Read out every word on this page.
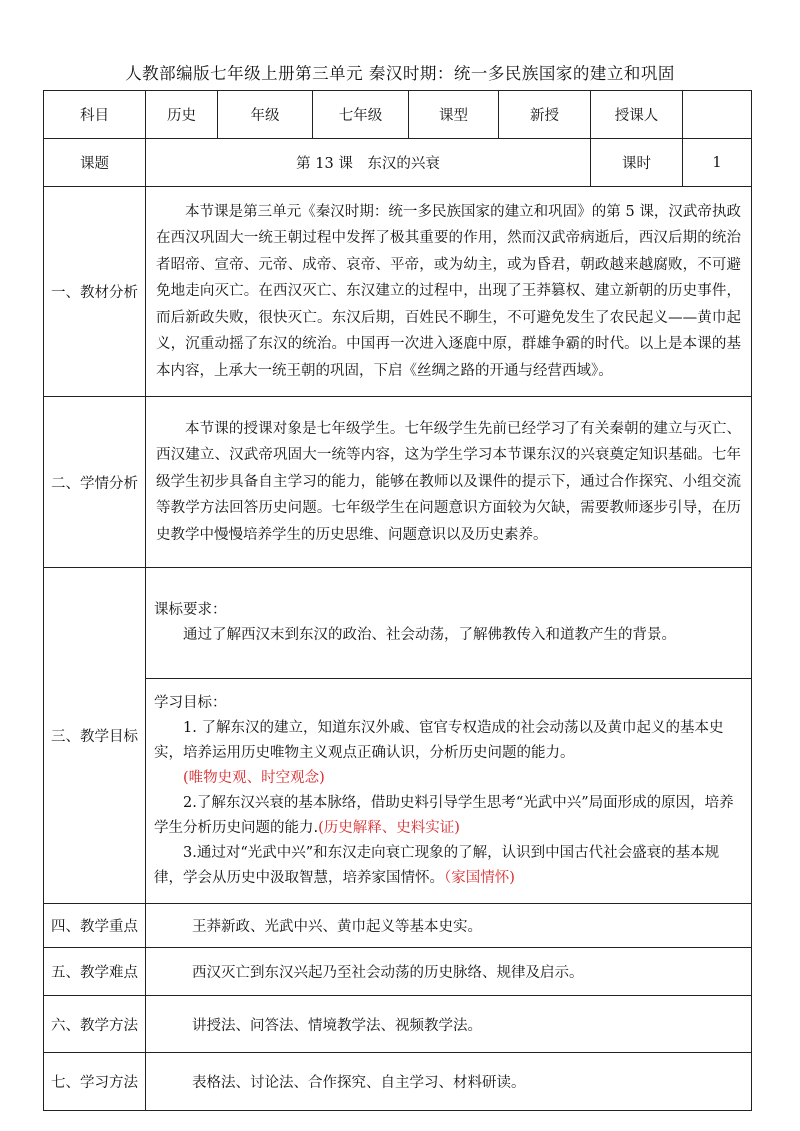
人教部编版七年级上册第三单元 秦汉时期：统一多民族国家的建立和巩固
科目	历史	年级	七年级	课型	新授	授课人	
课题	第 13 课　东汉的兴衰					课时	1
一、教材分析	本节课是第三单元《秦汉时期：统一多民族国家的建立和巩固》的第 5 课，汉武帝执政在西汉巩固大一统王朝过程中发挥了极其重要的作用，然而汉武帝病逝后，西汉后期的统治者昭帝、宣帝、元帝、成帝、哀帝、平帝，或为幼主，或为昏君，朝政越来越腐败，不可避免地走向灭亡。在西汉灭亡、东汉建立的过程中，出现了王莽篡权、建立新朝的历史事件，而后新政失败，很快灭亡。东汉后期，百姓民不聊生，不可避免发生了农民起义——黄巾起义，沉重动摇了东汉的统治。中国再一次进入逐鹿中原，群雄争霸的时代。以上是本课的基本内容，上承大一统王朝的巩固，下启《丝绸之路的开通与经营西域》。						

二、学情分析	本节课的授课对象是七年级学生。七年级学生先前已经学习了有关秦朝的建立与灭亡、西汉建立、汉武帝巩固大一统等内容，这为学生学习本节课东汉的兴衰奠定知识基础。七年级学生初步具备自主学习的能力，能够在教师以及课件的提示下，通过合作探究、小组交流等教学方法回答历史问题。七年级学生在问题意识方面较为欠缺，需要教师逐步引导，在历史教学中慢慢培养学生的历史思维、问题意识以及历史素养。						

三、教学目标	课标要求：

通过了解西汉末到东汉的政治、社会动荡，了解佛教传入和道教产生的背景。						

	学习目标：

1. 了解东汉的建立，知道东汉外戚、宦官专权造成的社会动荡以及黄巾起义的基本史实，培养运用历史唯物主义观点正确认识，分析历史问题的能力。

(唯物史观、时空观念)

2.了解东汉兴衰的基本脉络，借助史料引导学生思考“光武中兴”局面形成的原因，培养学生分析历史问题的能力.(历史解释、史料实证)

3.通过对“光武中兴”和东汉走向衰亡现象的了解，认识到中国古代社会盛衰的基本规律，学会从历史中汲取智慧，培养家国情怀。（家国情怀)						

四、教学重点	王莽新政、光武中兴、黄巾起义等基本史实。						
五、教学难点	西汉灭亡到东汉兴起乃至社会动荡的历史脉络、规律及启示。						
六、教学方法	讲授法、问答法、情境教学法、视频教学法。						
七、学习方法	表格法、讨论法、合作探究、自主学习、材料研读。						
